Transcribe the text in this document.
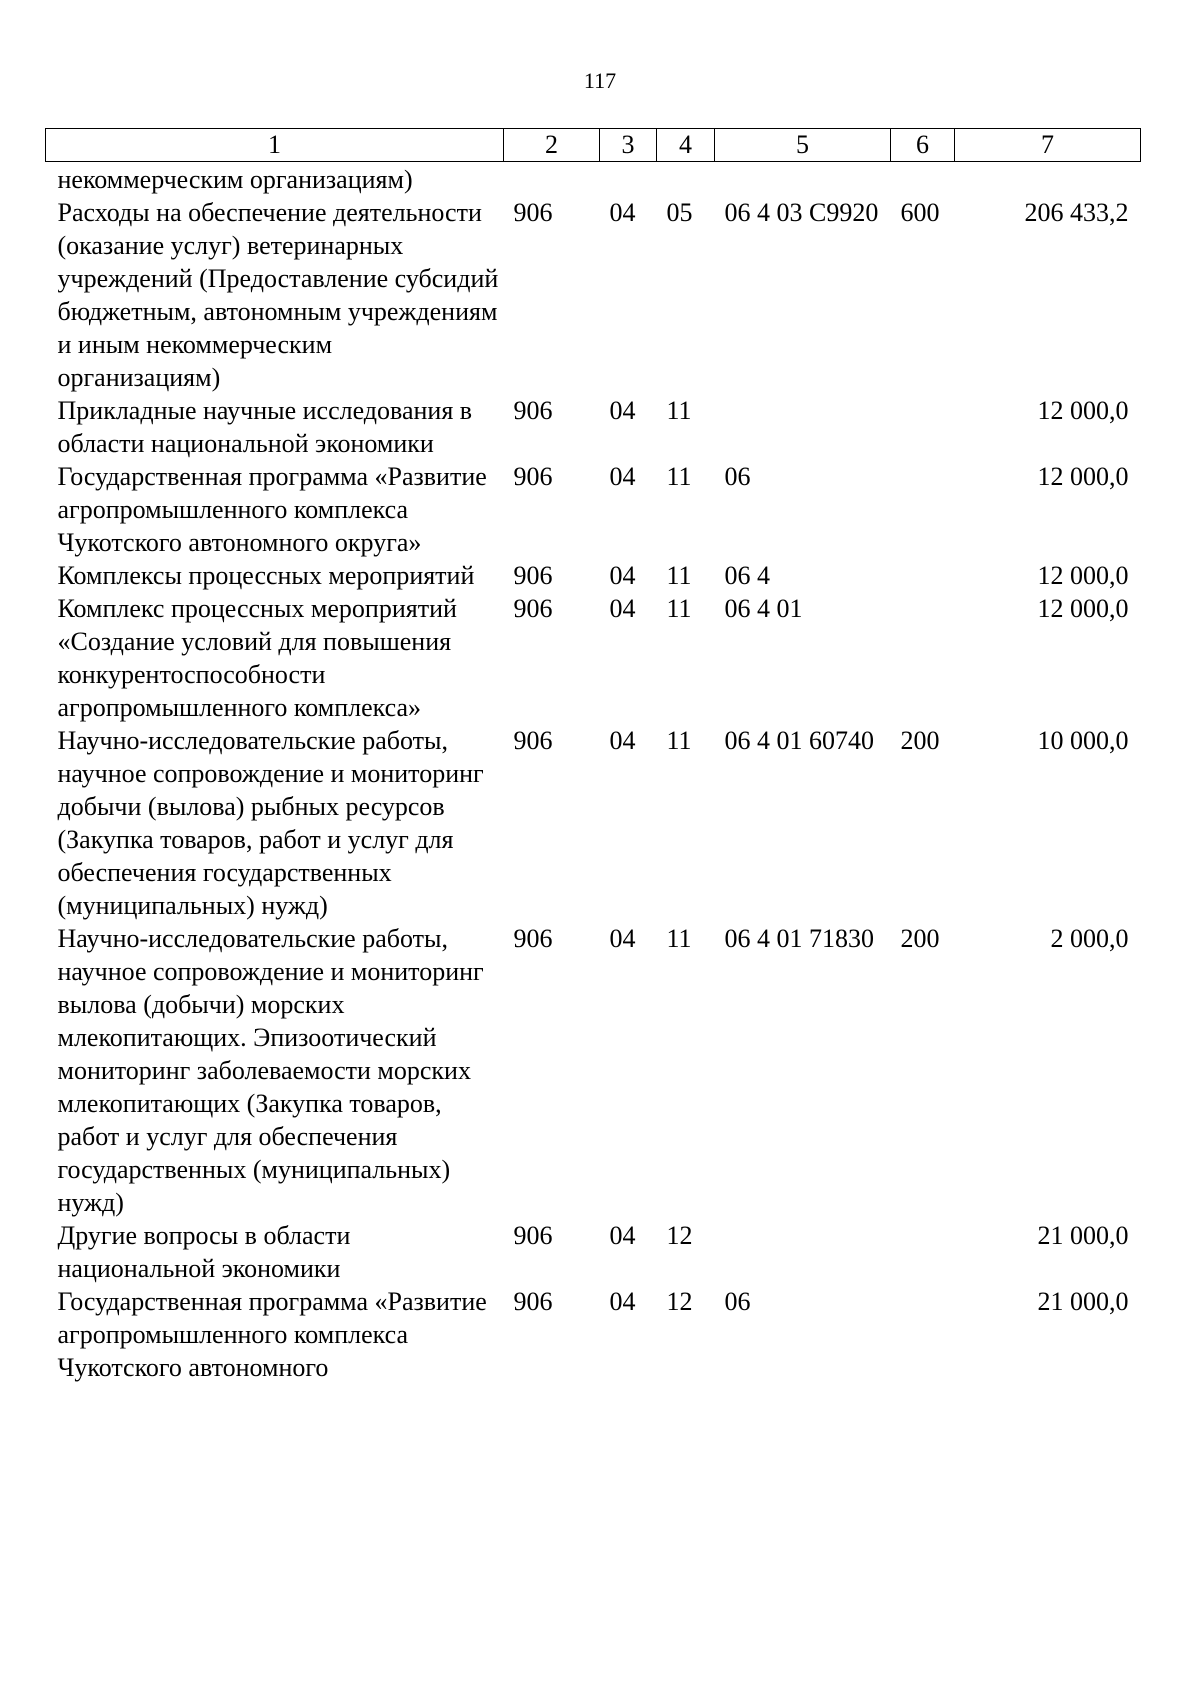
117
1	2	3	4	5	6	7
некоммерческим организациям)						
Расходы на обеспечение деятельности (оказание услуг) ветеринарных учреждений (Предоставление субсидий бюджетным, автономным учреждениям и иным некоммерческим организациям)	906	04	05	06 4 03 С9920	600	206 433,2
Прикладные научные исследования в области национальной экономики	906	04	11			12 000,0
Государственная программа «Развитие агропромышленного комплекса Чукотского автономного округа»	906	04	11	06		12 000,0
Комплексы процессных мероприятий	906	04	11	06 4		12 000,0
Комплекс процессных мероприятий «Создание условий для повышения конкурентоспособности агропромышленного комплекса»	906	04	11	06 4 01		12 000,0
Научно-исследовательские работы, научное сопровождение и мониторинг добычи (вылова) рыбных ресурсов (Закупка товаров, работ и услуг для обеспечения государственных (муниципальных) нужд)	906	04	11	06 4 01 60740	200	10 000,0
Научно-исследовательские работы, научное сопровождение и мониторинг вылова (добычи) морских млекопитающих. Эпизоотический мониторинг заболеваемости морских млекопитающих (Закупка товаров, работ и услуг для обеспечения государственных (муниципальных) нужд)	906	04	11	06 4 01 71830	200	2 000,0
Другие вопросы в области национальной экономики	906	04	12			21 000,0
Государственная программа «Развитие агропромышленного комплекса Чукотского автономного	906	04	12	06		21 000,0
